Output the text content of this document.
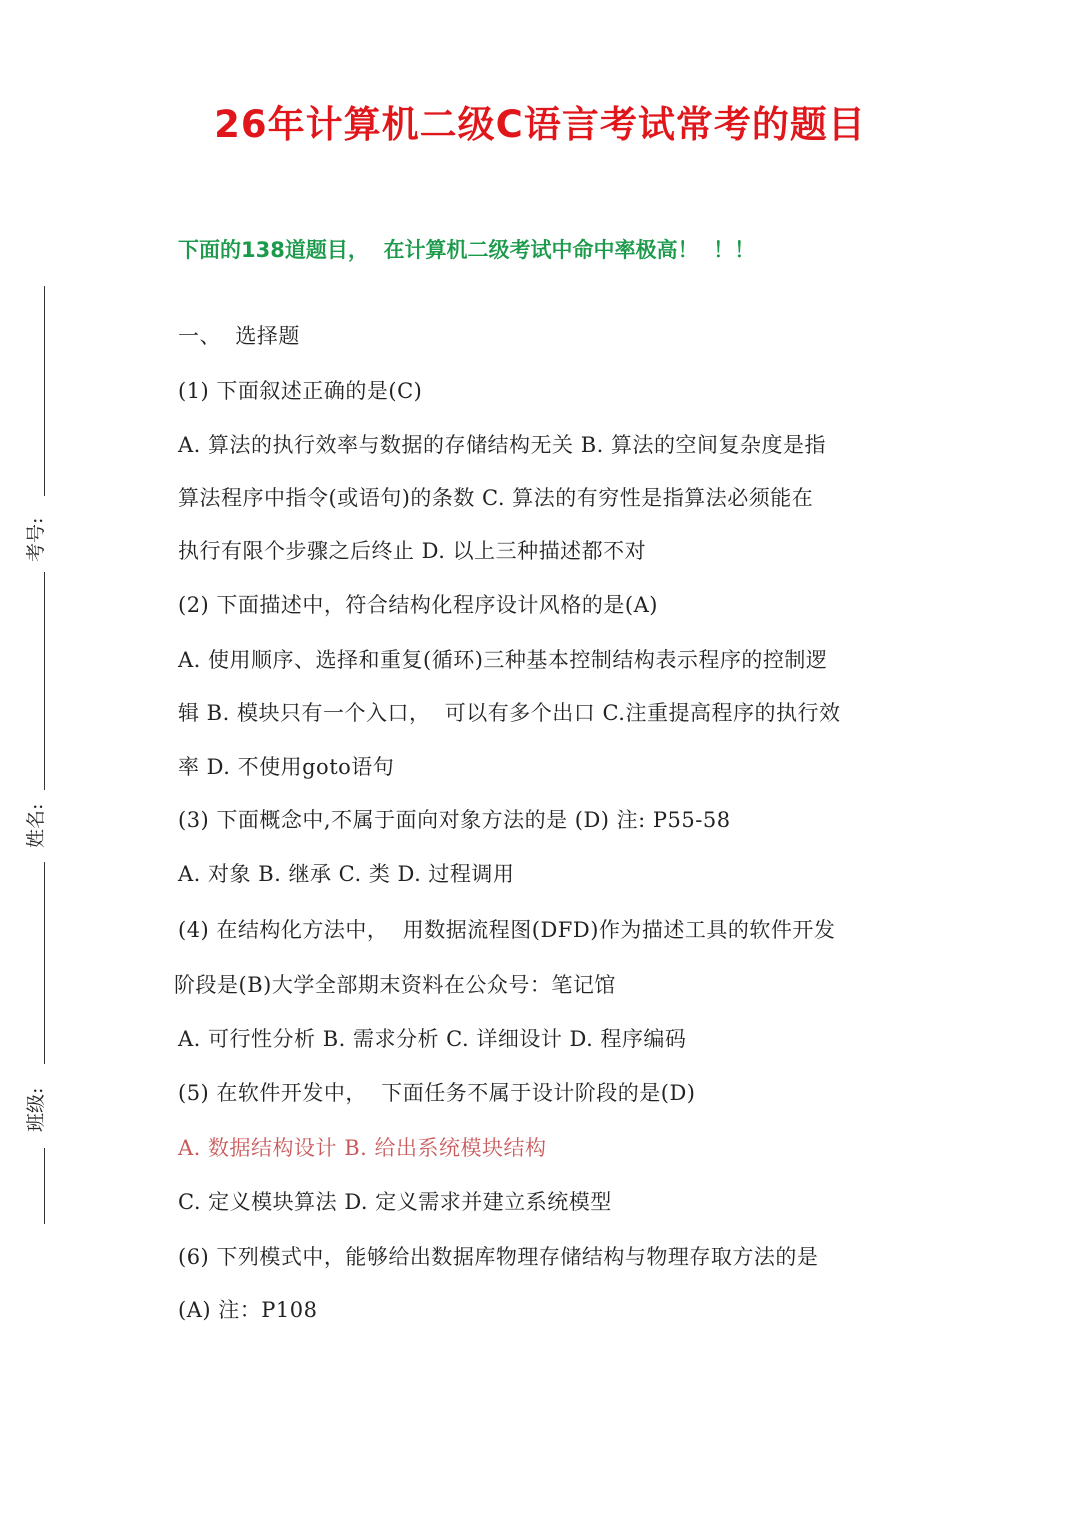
26年计算机二级C语言考试常考的题目
下面的138道题目，  在计算机二级考试中命中率极高！  ！！
考号:
姓名:
班级:
一、  选择题
(1) 下面叙述正确的是(C)
A. 算法的执行效率与数据的存储结构无关 B. 算法的空间复杂度是指
算法程序中指令(或语句)的条数 C. 算法的有穷性是指算法必须能在
执行有限个步骤之后终止 D. 以上三种描述都不对
(2) 下面描述中，符合结构化程序设计风格的是(A)
A. 使用顺序、选择和重复(循环)三种基本控制结构表示程序的控制逻
辑 B. 模块只有一个入口，  可以有多个出口 C.注重提高程序的执行效
率 D. 不使用goto语句
(3) 下面概念中,不属于面向对象方法的是 (D) 注: P55-58
A. 对象 B. 继承 C. 类 D. 过程调用
(4) 在结构化方法中，  用数据流程图(DFD)作为描述工具的软件开发
阶段是(B)大学全部期末资料在公众号：笔记馆
A. 可行性分析 B. 需求分析 C. 详细设计 D. 程序编码
(5) 在软件开发中，  下面任务不属于设计阶段的是(D)
A. 数据结构设计 B. 给出系统模块结构
C. 定义模块算法 D. 定义需求并建立系统模型
(6) 下列模式中，能够给出数据库物理存储结构与物理存取方法的是
(A) 注：P108
